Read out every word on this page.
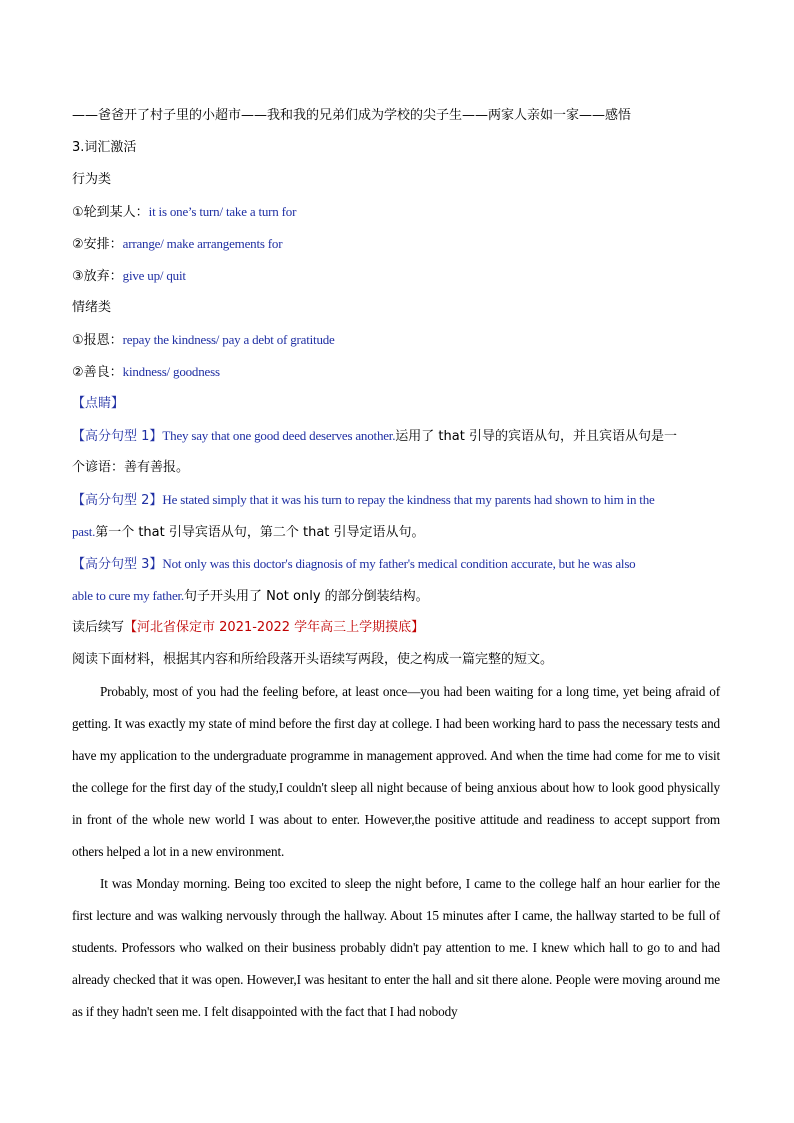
——爸爸开了村子里的小超市——我和我的兄弟们成为学校的尖子生——两家人亲如一家——感悟
3.词汇激活
行为类
①轮到某人：it is one’s turn/ take a turn for
②安排：arrange/ make arrangements for
③放弃：give up/ quit
情绪类
①报恩：repay the kindness/ pay a debt of gratitude
②善良：kindness/ goodness
【点睛】
【高分句型 1】They say that one good deed deserves another.运用了 that 引导的宾语从句，并且宾语从句是一
个谚语：善有善报。
【高分句型 2】He stated simply that it was his turn to repay the kindness that my parents had shown to him in the
past.第一个 that 引导宾语从句，第二个 that 引导定语从句。
【高分句型 3】Not only was this doctor's diagnosis of my father's medical condition accurate, but he was also
able to cure my father.句子开头用了 Not only 的部分倒装结构。
读后续写【河北省保定市 2021-2022 学年高三上学期摸底】
阅读下面材料，根据其内容和所给段落开头语续写两段，使之构成一篇完整的短文。

Probably, most of you had the feeling before, at least once—you had been waiting for a long time, yet being afraid of getting. It was exactly my state of mind before the first day at college. I had been working hard to pass the necessary tests and have my application to the undergraduate programme in management approved. And when the time had come for me to visit the college for the first day of the study,I couldn't sleep all night because of being anxious about how to look good physically in front of the whole new world I was about to enter. However,the positive attitude and readiness to accept support from others helped a lot in a new environment.

It was Monday morning. Being too excited to sleep the night before, I came to the college half an hour earlier for the first lecture and was walking nervously through the hallway. About 15 minutes after I came, the hallway started to be full of students. Professors who walked on their business probably didn't pay attention to me. I knew which hall to go to and had already checked that it was open. However,I was hesitant to enter the hall and sit there alone. People were moving around me as if they hadn't seen me. I felt disappointed with the fact that I had nobody
